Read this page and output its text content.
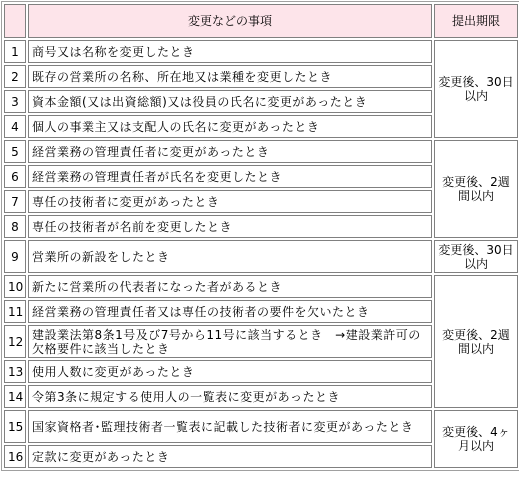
	変更などの事項	提出期限
1	商号又は名称を変更したとき	変更後、30日以内
2	既存の営業所の名称、所在地又は業種を変更したとき	
3	資本金額(又は出資総額)又は役員の氏名に変更があったとき	
4	個人の事業主又は支配人の氏名に変更があったとき	
5	経営業務の管理責任者に変更があったとき	変更後、2週間以内
6	経営業務の管理責任者が氏名を変更したとき	
7	専任の技術者に変更があったとき	
8	専任の技術者が名前を変更したとき	
9	営業所の新設をしたとき	変更後、30日以内
10	新たに営業所の代表者になった者があるとき	変更後、2週間以内
11	経営業務の管理責任者又は専任の技術者の要件を欠いたとき	
12	建設業法第8条1号及び7号から11号に該当するとき　→建設業許可の欠格要件に該当したとき	
13	使用人数に変更があったとき	
14	令第3条に規定する使用人の一覧表に変更があったとき	
15	国家資格者･監理技術者一覧表に記載した技術者に変更があったとき	変更後、4ヶ月以内
16	定款に変更があったとき	
